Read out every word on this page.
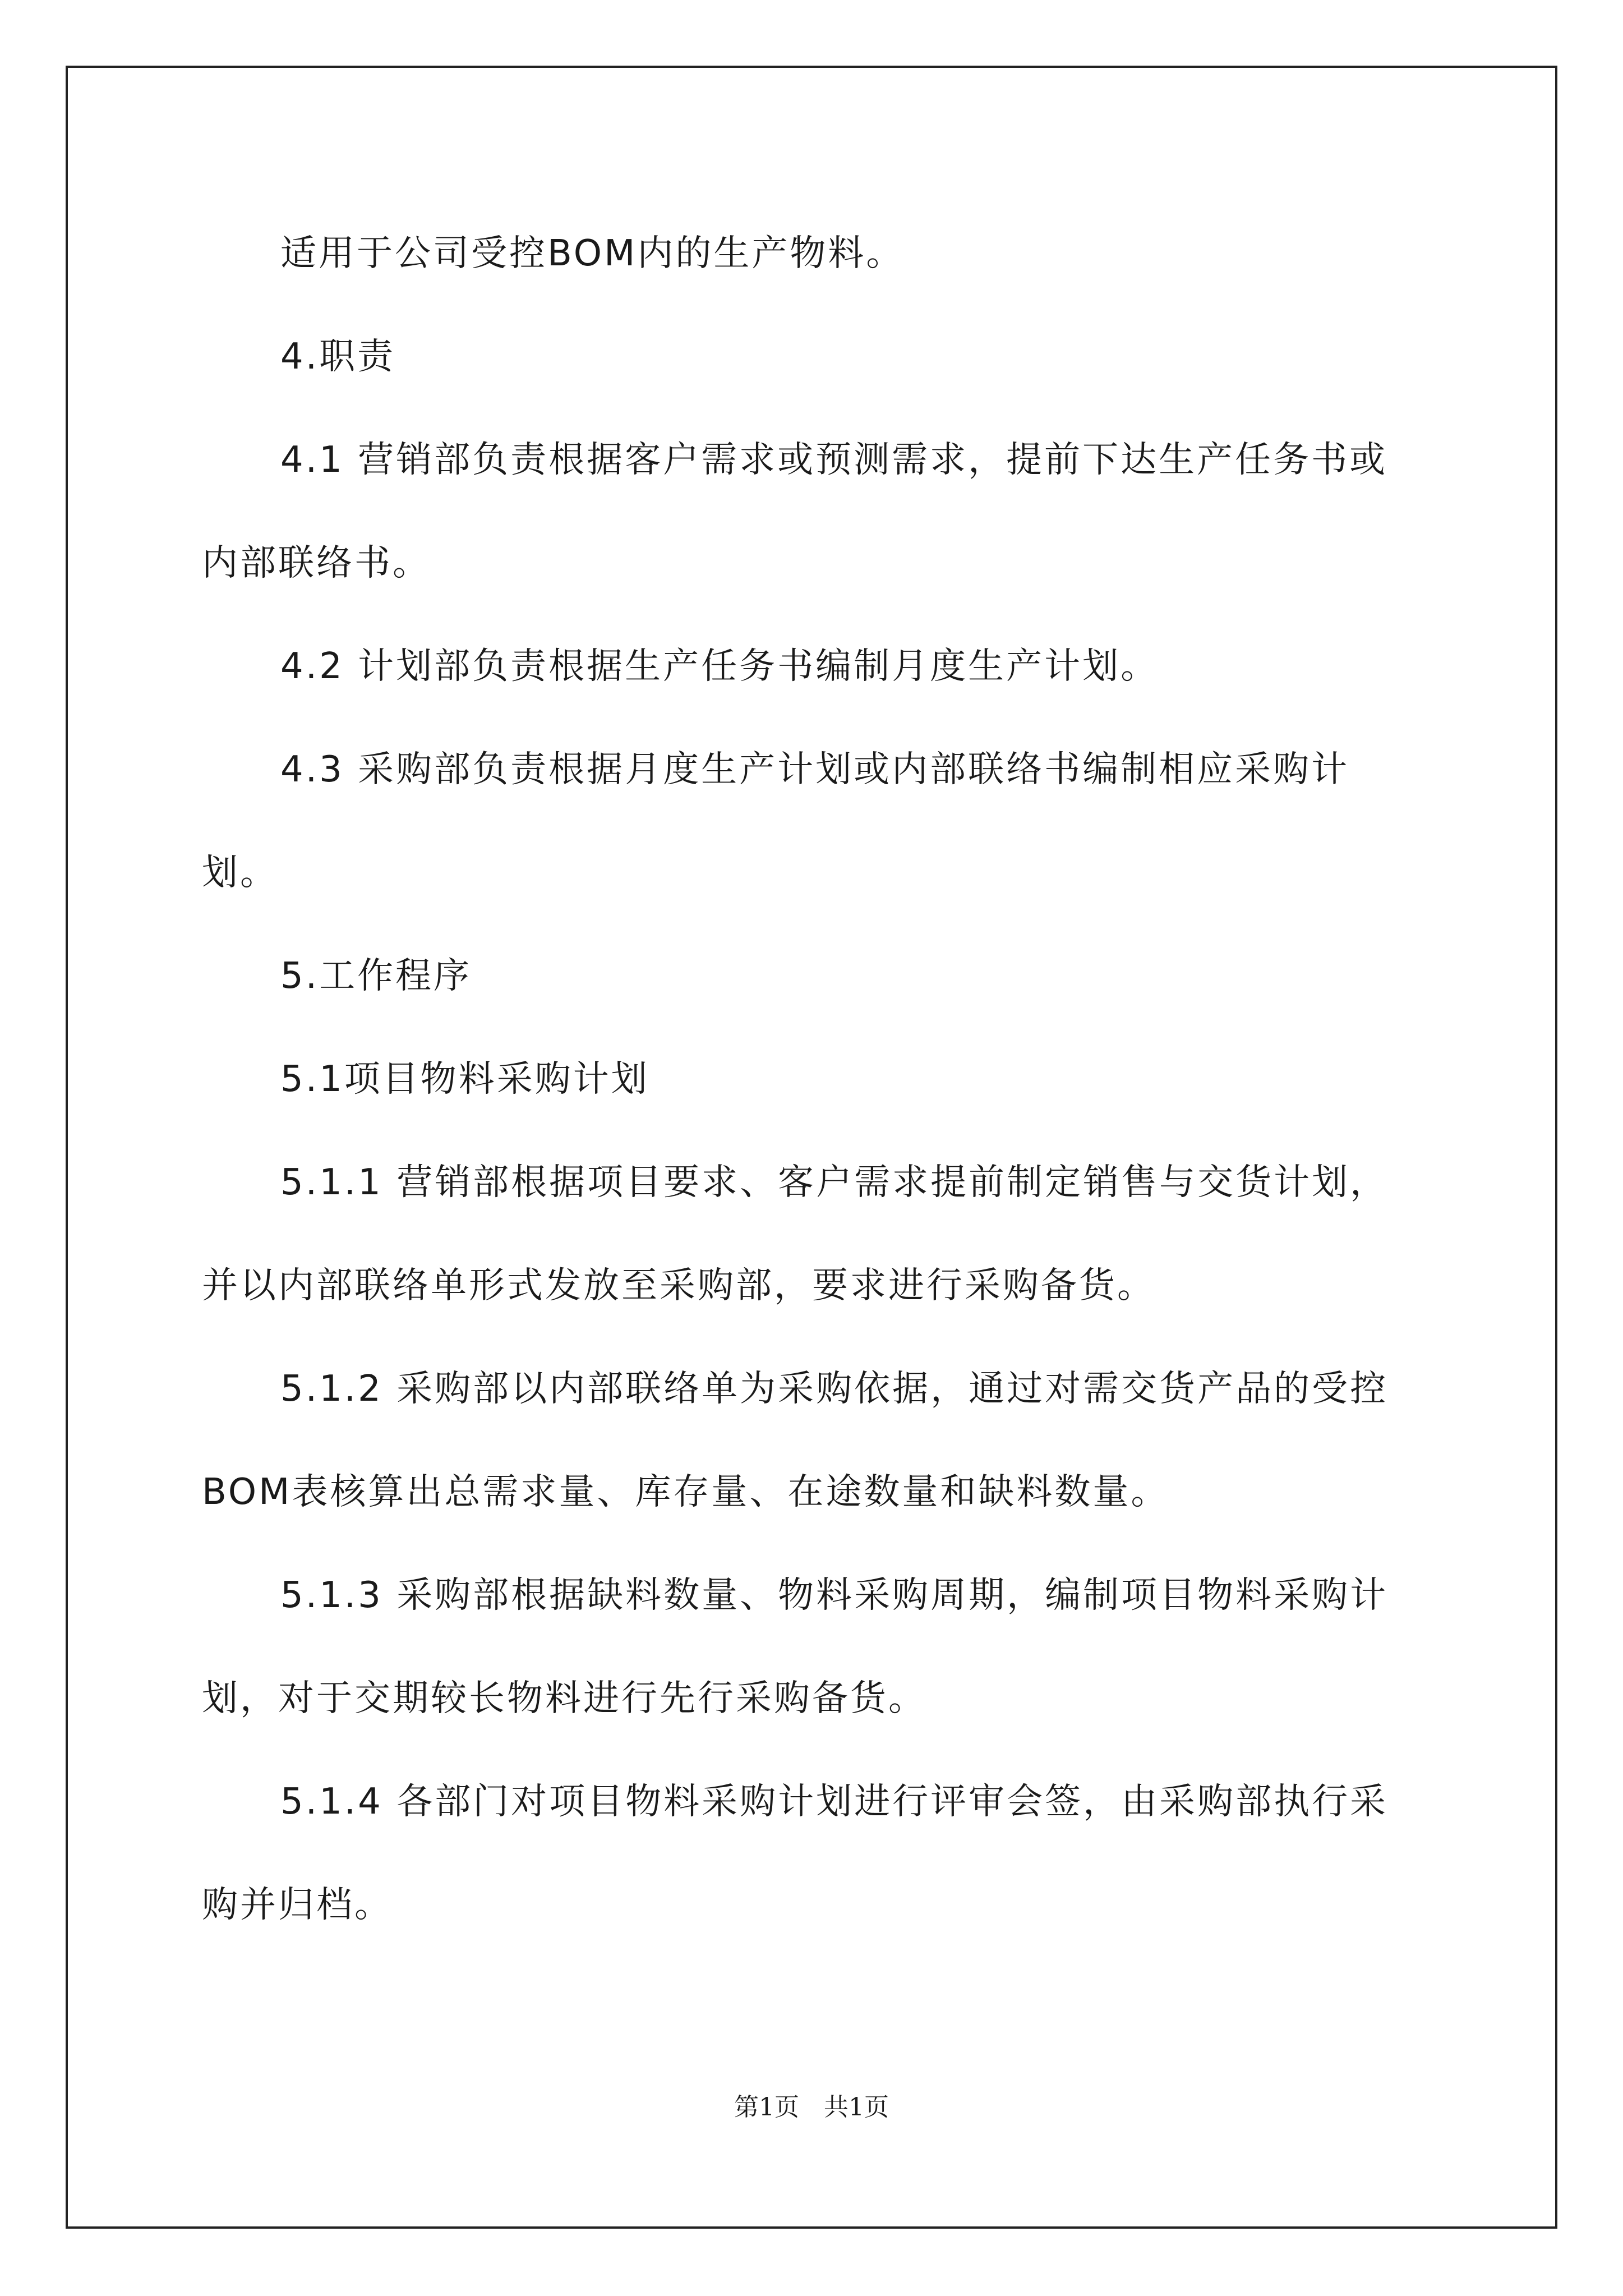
适用于公司受控BOM内的生产物料。

4.职责

4.1 营销部负责根据客户需求或预测需求，提前下达生产任务书或内部联络书。

4.2 计划部负责根据生产任务书编制月度生产计划。

4.3 采购部负责根据月度生产计划或内部联络书编制相应采购计划。

5.工作程序

5.1项目物料采购计划

5.1.1 营销部根据项目要求、客户需求提前制定销售与交货计划，并以内部联络单形式发放至采购部，要求进行采购备货。

5.1.2 采购部以内部联络单为采购依据，通过对需交货产品的受控BOM表核算出总需求量、库存量、在途数量和缺料数量。

5.1.3 采购部根据缺料数量、物料采购周期，编制项目物料采购计划，对于交期较长物料进行先行采购备货。

5.1.4 各部门对项目物料采购计划进行评审会签，由采购部执行采购并归档。

第1页　共1页
